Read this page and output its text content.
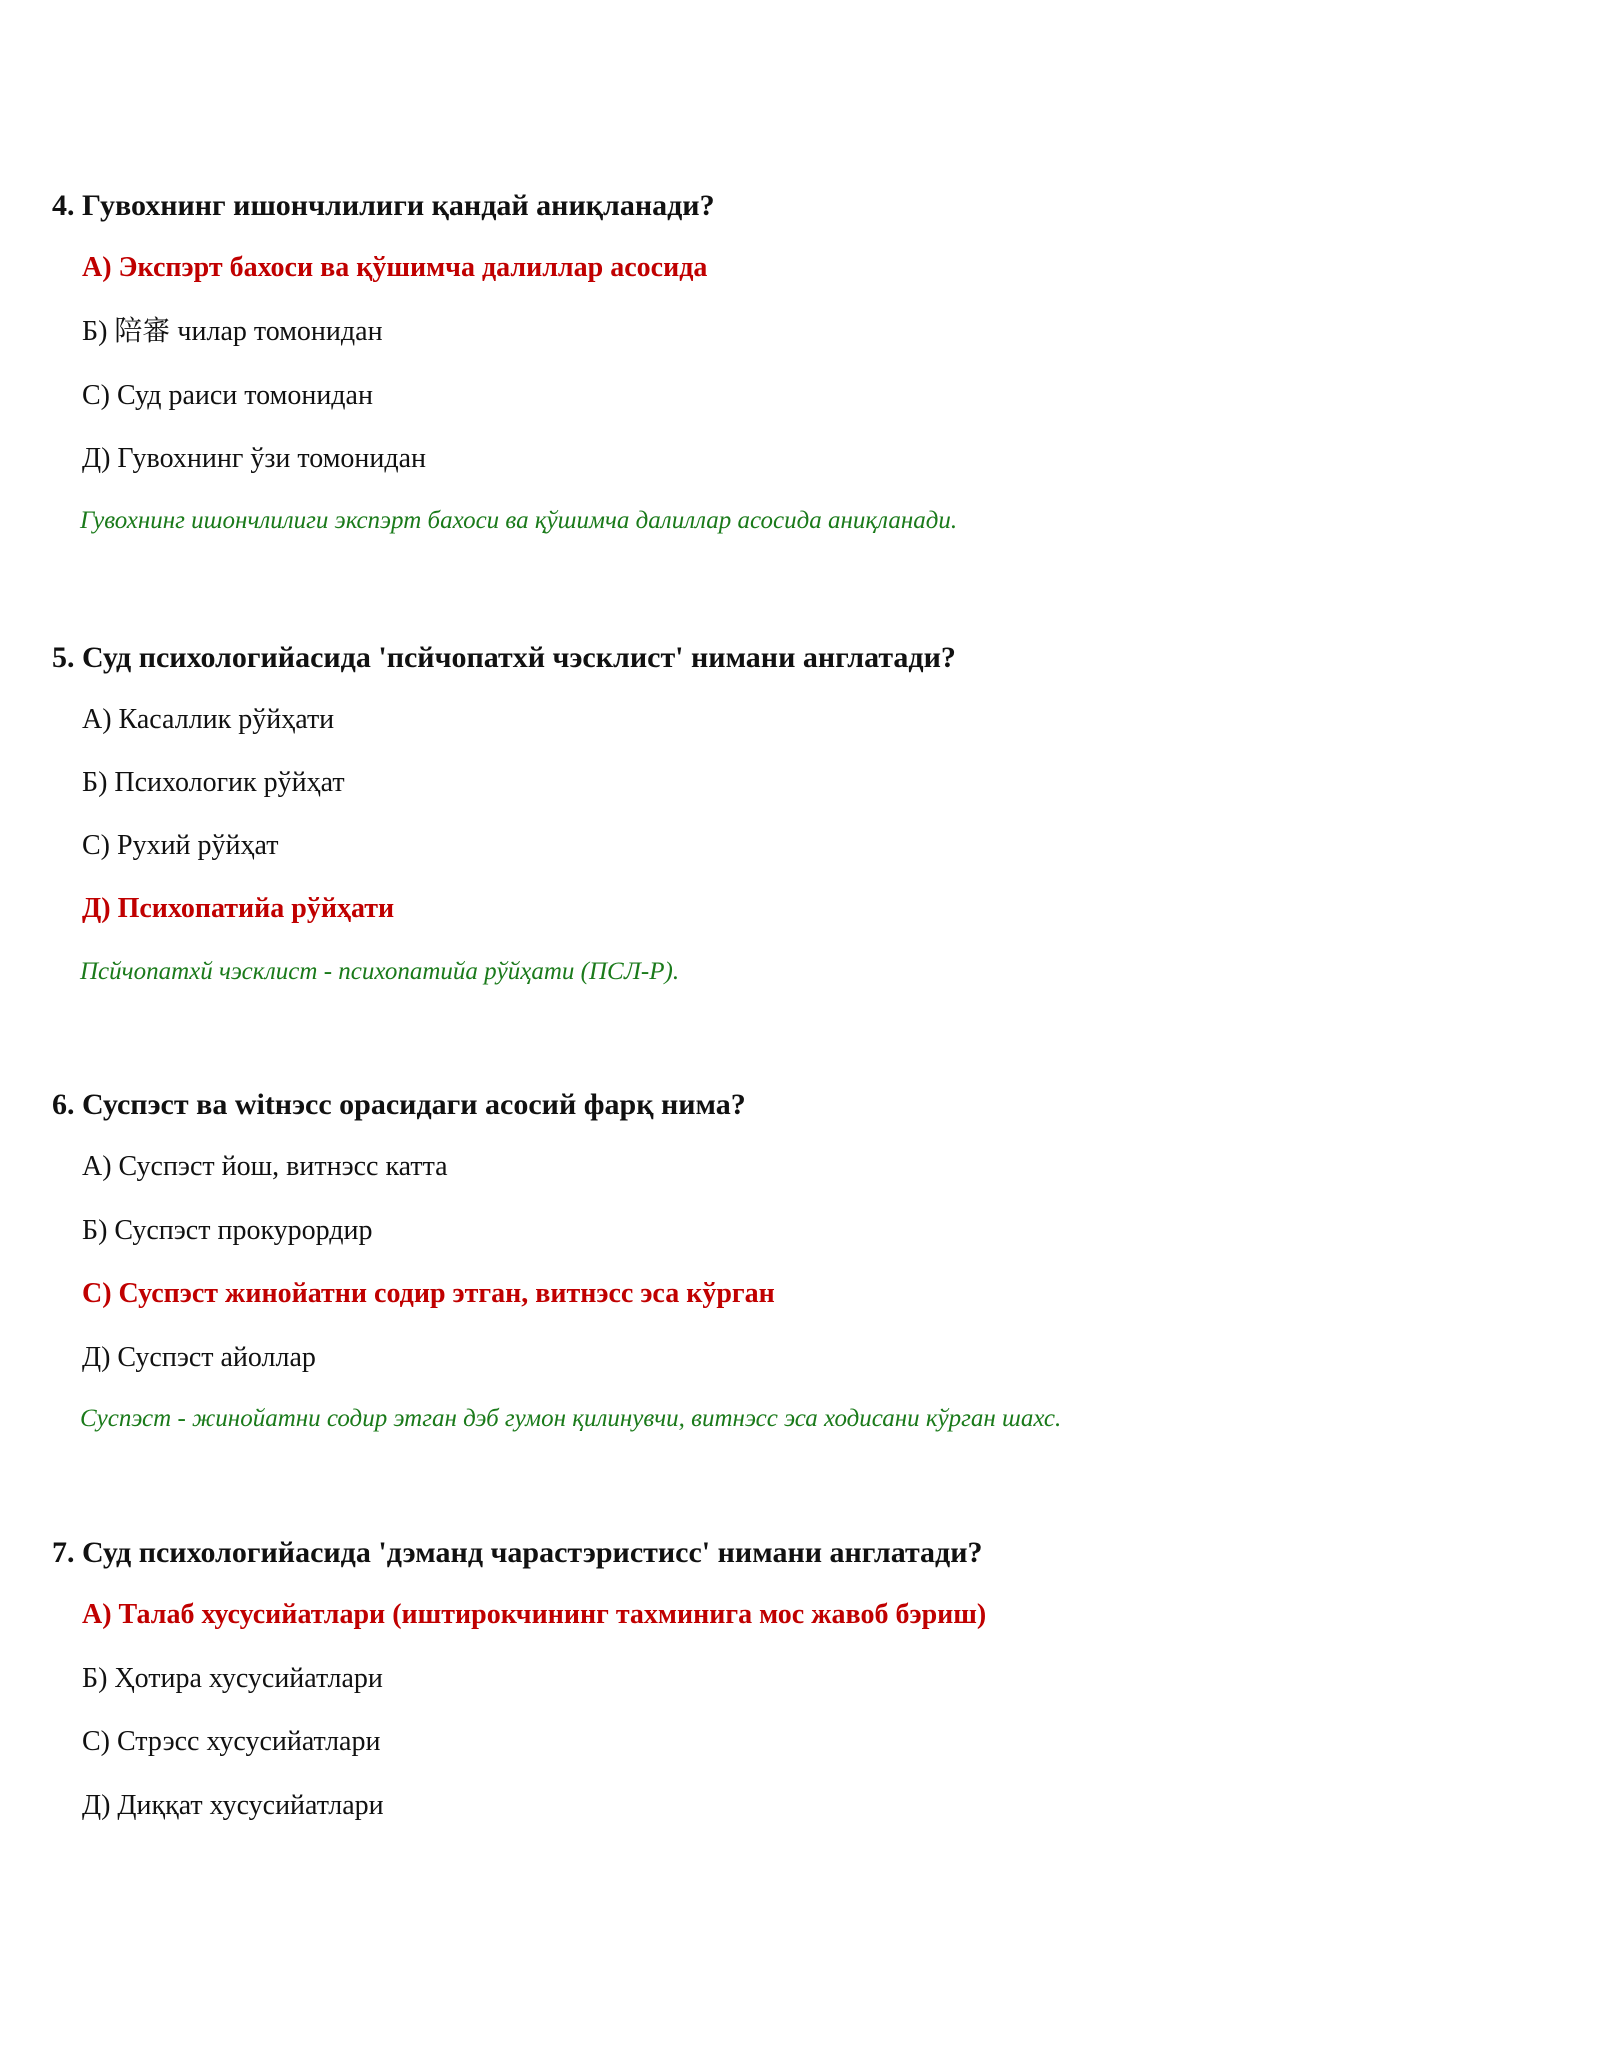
4. Гувохнинг ишончлилиги қандай аниқланади?

А) Экспэрт бахоси ва қўшимча далиллар асосида
Б) 陪審 чилар томонидан
С) Суд раиси томонидан
Д) Гувохнинг ўзи томонидан
Гувохнинг ишончлилиги экспэрт бахоси ва қўшимча далиллар асосида аниқланади.

5. Суд психологийасида 'псйчопатхй чэсклист' нимани англатади?

А) Касаллик рўйҳати
Б) Психологик рўйҳат
С) Рухий рўйҳат
Д) Психопатийа рўйҳати
Псйчопатхй чэсклист - психопатийа рўйҳати (ПСЛ-Р).

6. Суспэст ва witнэсс орасидаги асосий фарқ нима?

А) Суспэст йош, витнэсс катта
Б) Суспэст прокурордир
С) Суспэст жинойатни содир этган, витнэсс эса кўрган
Д) Суспэст айоллар
Суспэст - жинойатни содир этган дэб гумон қилинувчи, витнэсс эса ходисани кўрган шахс.

7. Суд психологийасида 'дэманд чарастэристисс' нимани англатади?

А) Талаб хусусийатлари (иштирокчининг тахминига мос жавоб бэриш)
Б) Ҳотира хусусийатлари
С) Стрэсс хусусийатлари
Д) Диққат хусусийатлари
